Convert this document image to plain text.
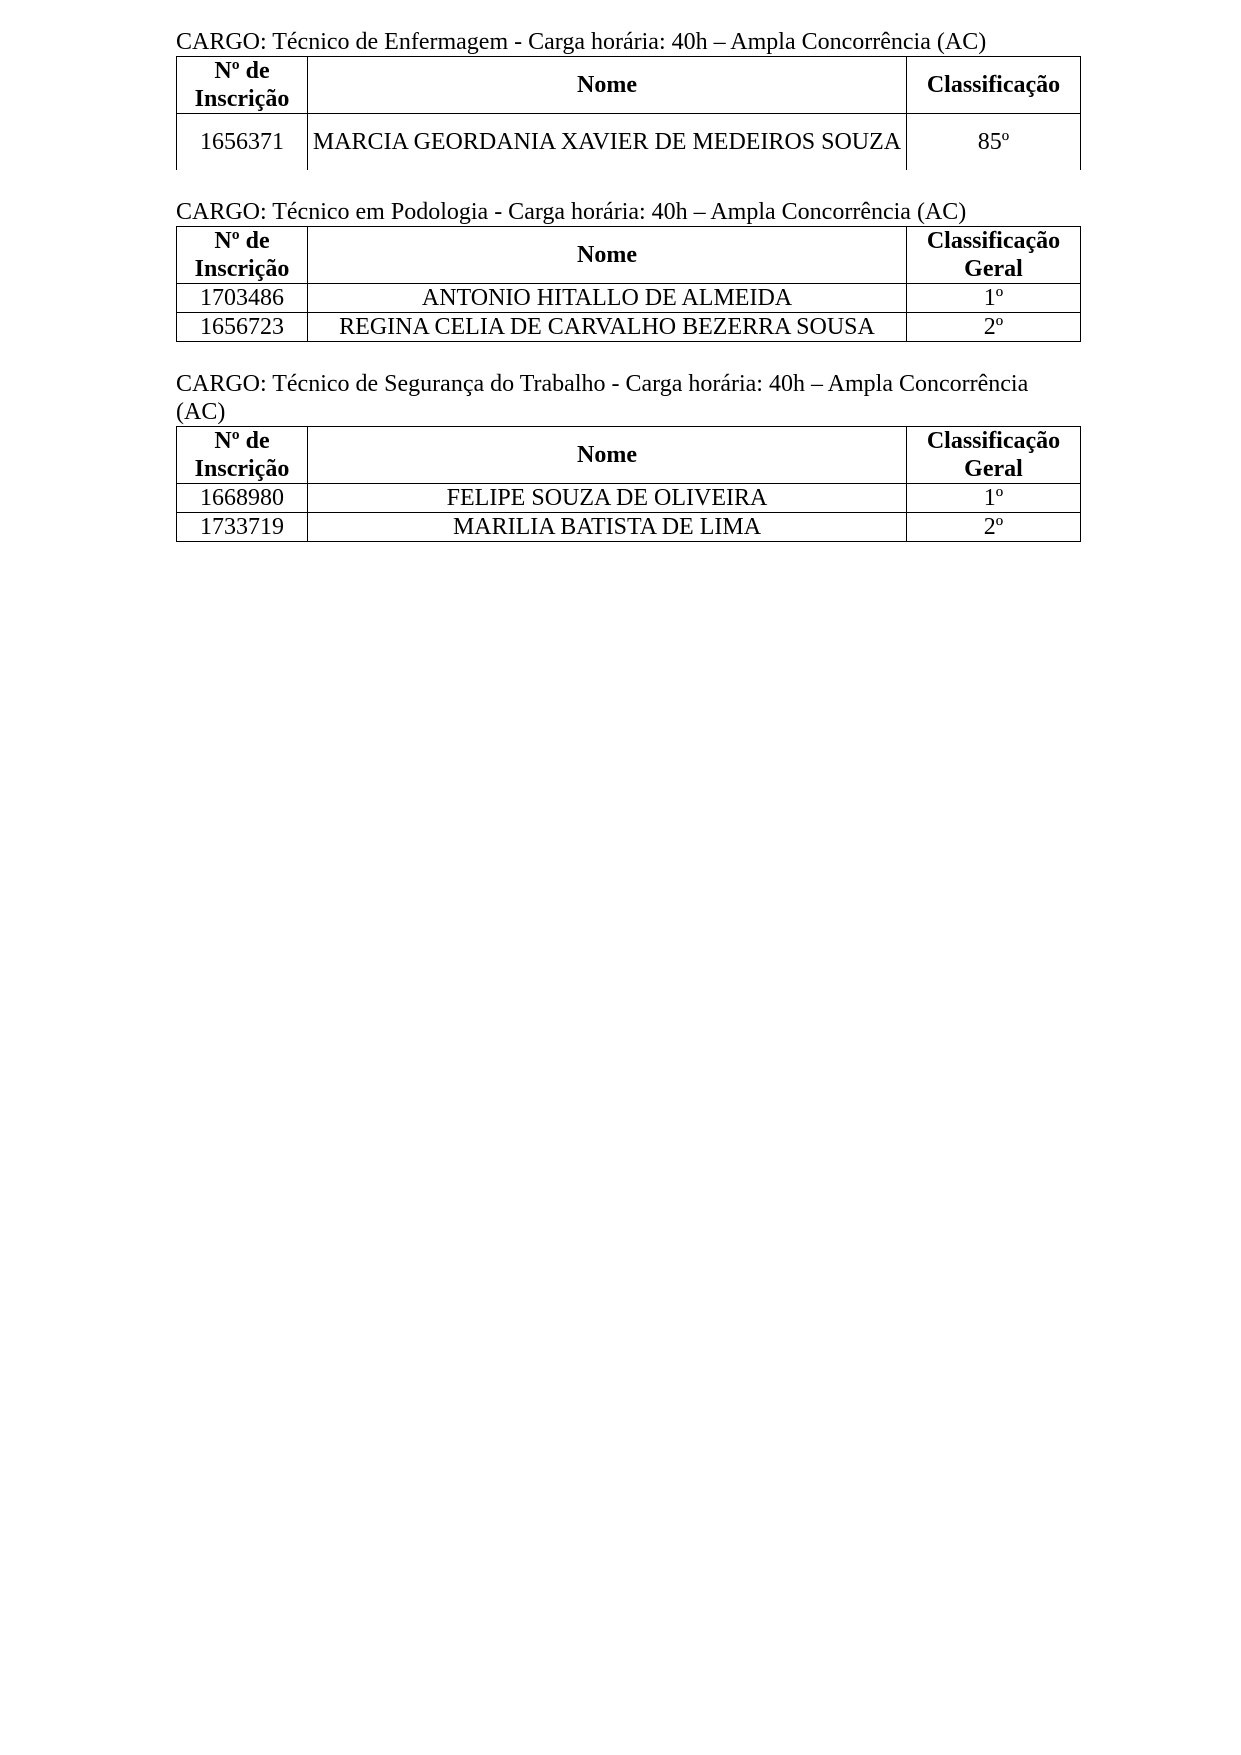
CARGO: Técnico de Enfermagem - Carga horária: 40h – Ampla Concorrência (AC)

Nº de Inscrição	Nome	Classificação
1656371	MARCIA GEORDANIA XAVIER DE MEDEIROS SOUZA	85º

CARGO: Técnico em Podologia - Carga horária: 40h – Ampla Concorrência (AC)

Nº de Inscrição	Nome	Classificação Geral
1703486	ANTONIO HITALLO DE ALMEIDA	1º
1656723	REGINA CELIA DE CARVALHO BEZERRA SOUSA	2º

CARGO: Técnico de Segurança do Trabalho - Carga horária: 40h – Ampla Concorrência (AC)

Nº de Inscrição	Nome	Classificação Geral
1668980	FELIPE SOUZA DE OLIVEIRA	1º
1733719	MARILIA BATISTA DE LIMA	2º
